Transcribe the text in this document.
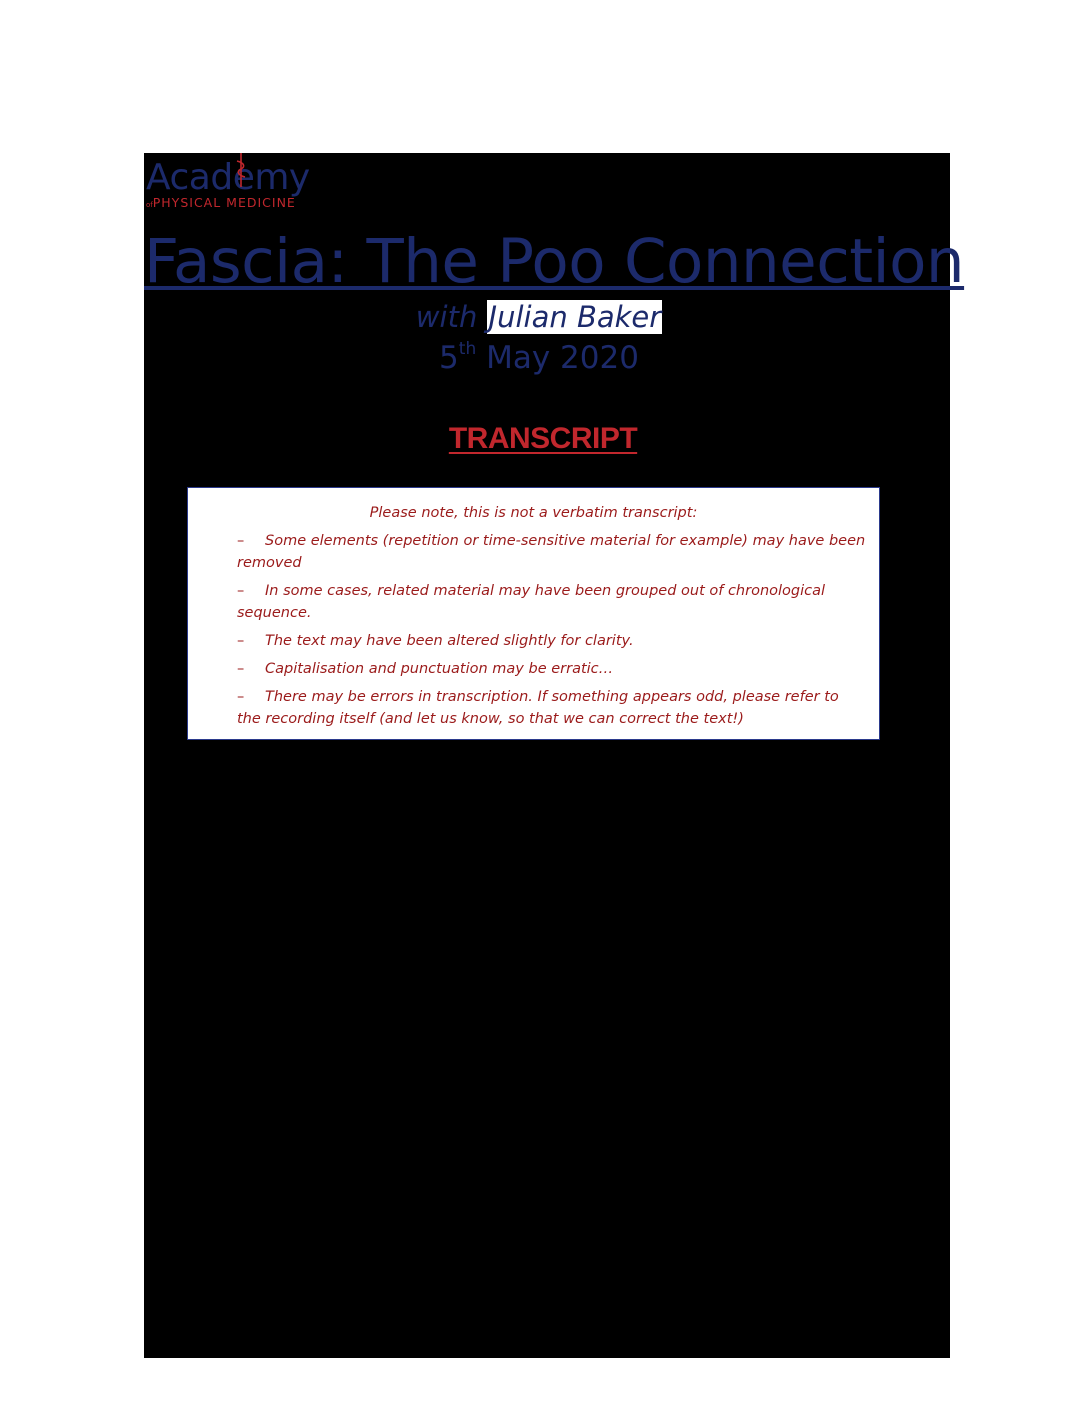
Academy
ofPHYSICAL MEDICINE
Fascia: The Poo Connection
with Julian Baker
5th May 2020
TRANSCRIPT
Please note, this is not a verbatim transcript:
– Some elements (repetition or time-sensitive material for example) may have been removed
– In some cases, related material may have been grouped out of chronological sequence.
– The text may have been altered slightly for clarity.
– Capitalisation and punctuation may be erratic…
– There may be errors in transcription. If something appears odd, please refer to the recording itself (and let us know, so that we can correct the text!)
